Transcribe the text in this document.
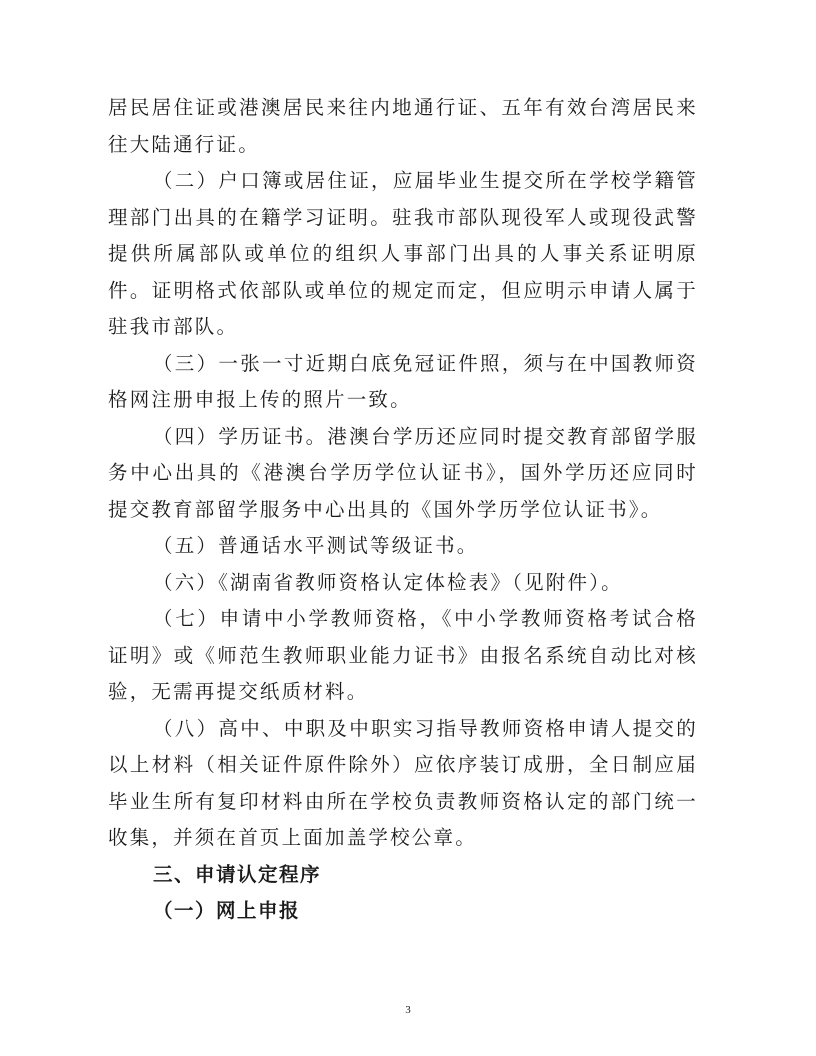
居民居住证或港澳居民来往内地通行证、五年有效台湾居民来往大陆通行证。

（二）户口簿或居住证，应届毕业生提交所在学校学籍管理部门出具的在籍学习证明。驻我市部队现役军人或现役武警提供所属部队或单位的组织人事部门出具的人事关系证明原件。证明格式依部队或单位的规定而定，但应明示申请人属于驻我市部队。

（三）一张一寸近期白底免冠证件照，须与在中国教师资格网注册申报上传的照片一致。

（四）学历证书。港澳台学历还应同时提交教育部留学服务中心出具的《港澳台学历学位认证书》，国外学历还应同时提交教育部留学服务中心出具的《国外学历学位认证书》。

（五）普通话水平测试等级证书。

（六）《湖南省教师资格认定体检表》（见附件）。

（七）申请中小学教师资格，《中小学教师资格考试合格证明》或《师范生教师职业能力证书》由报名系统自动比对核验，无需再提交纸质材料。

（八）高中、中职及中职实习指导教师资格申请人提交的以上材料（相关证件原件除外）应依序装订成册，全日制应届毕业生所有复印材料由所在学校负责教师资格认定的部门统一收集，并须在首页上面加盖学校公章。

三、申请认定程序

（一）网上申报

3
